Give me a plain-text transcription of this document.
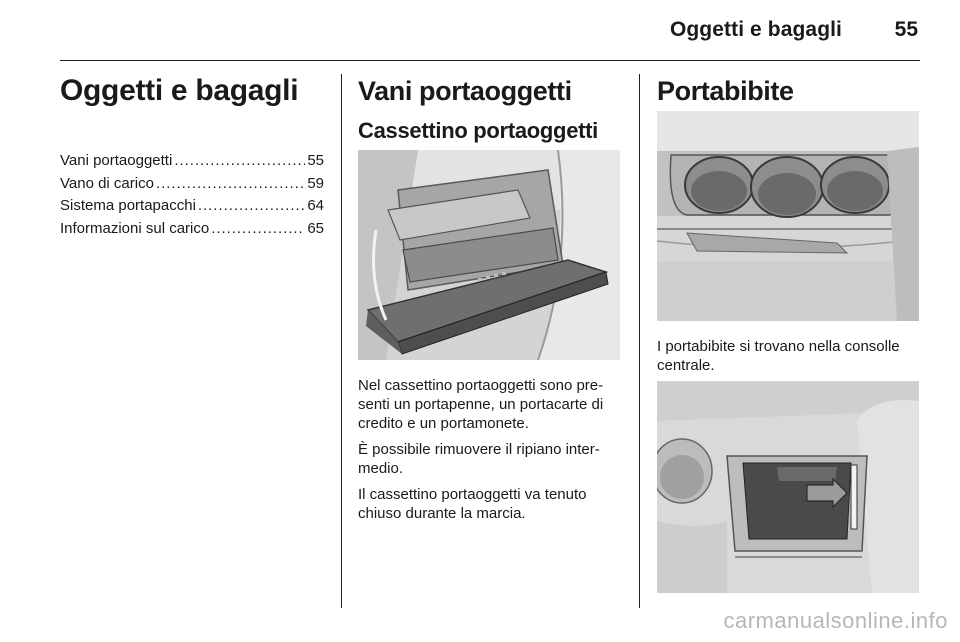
Oggetti e bagagli	55
Oggetti e bagagli
Vani portaoggetti . . .	55
Vano di carico . . .	59
Sistema portapacchi . . .	64
Informazioni sul carico . . .	65
Vani portaoggetti
Cassettino portaoggetti

Nel cassettino portaoggetti sono pre-
senti un portapenne, un portacarte di
credito e un portamonete.

È possibile rimuovere il ripiano inter-
medio.

Il cassettino portaoggetti va tenuto
chiuso durante la marcia.

Portabibite
I portabibite si trovano nella consolle
centrale.
carmanualsonline.info
